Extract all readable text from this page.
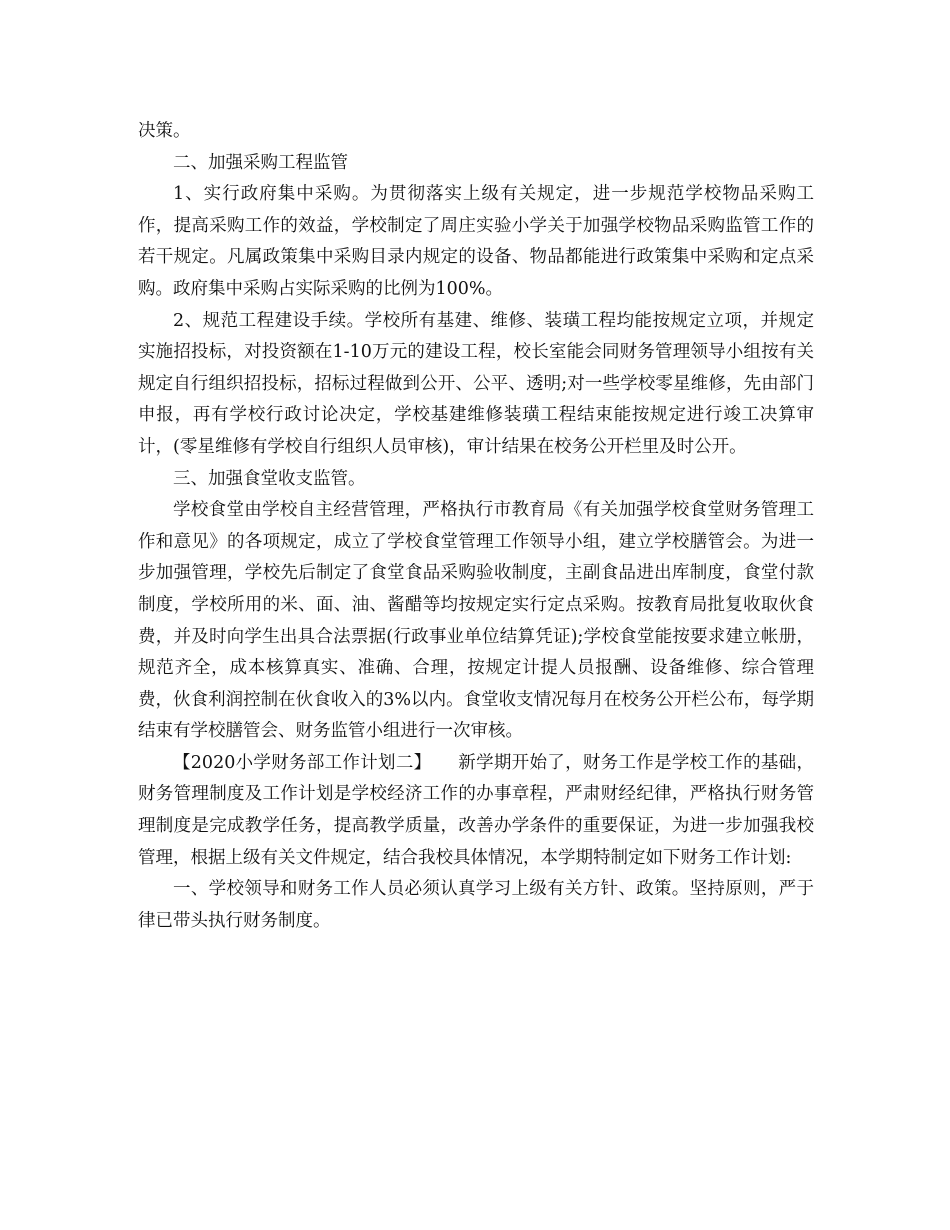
决策。

二、加强采购工程监管

1、实行政府集中采购。为贯彻落实上级有关规定，进一步规范学校物品采购工作，提高采购工作的效益，学校制定了周庄实验小学关于加强学校物品采购监管工作的若干规定。凡属政策集中采购目录内规定的设备、物品都能进行政策集中采购和定点采购。政府集中采购占实际采购的比例为100%。

2、规范工程建设手续。学校所有基建、维修、装璜工程均能按规定立项，并规定实施招投标，对投资额在1-10万元的建设工程，校长室能会同财务管理领导小组按有关规定自行组织招投标，招标过程做到公开、公平、透明;对一些学校零星维修，先由部门申报，再有学校行政讨论决定，学校基建维修装璜工程结束能按规定进行竣工决算审计，(零星维修有学校自行组织人员审核)，审计结果在校务公开栏里及时公开。

三、加强食堂收支监管。

学校食堂由学校自主经营管理，严格执行市教育局《有关加强学校食堂财务管理工作和意见》的各项规定，成立了学校食堂管理工作领导小组，建立学校膳管会。为进一步加强管理，学校先后制定了食堂食品采购验收制度，主副食品进出库制度，食堂付款制度，学校所用的米、面、油、酱醋等均按规定实行定点采购。按教育局批复收取伙食费，并及时向学生出具合法票据(行政事业单位结算凭证);学校食堂能按要求建立帐册，规范齐全，成本核算真实、准确、合理，按规定计提人员报酬、设备维修、综合管理费，伙食利润控制在伙食收入的3%以内。食堂收支情况每月在校务公开栏公布，每学期结束有学校膳管会、财务监管小组进行一次审核。

【2020小学财务部工作计划二】　　新学期开始了，财务工作是学校工作的基础，财务管理制度及工作计划是学校经济工作的办事章程，严肃财经纪律，严格执行财务管理制度是完成教学任务，提高教学质量，改善办学条件的重要保证，为进一步加强我校管理，根据上级有关文件规定，结合我校具体情况，本学期特制定如下财务工作计划:

一、学校领导和财务工作人员必须认真学习上级有关方针、政策。坚持原则，严于律已带头执行财务制度。
